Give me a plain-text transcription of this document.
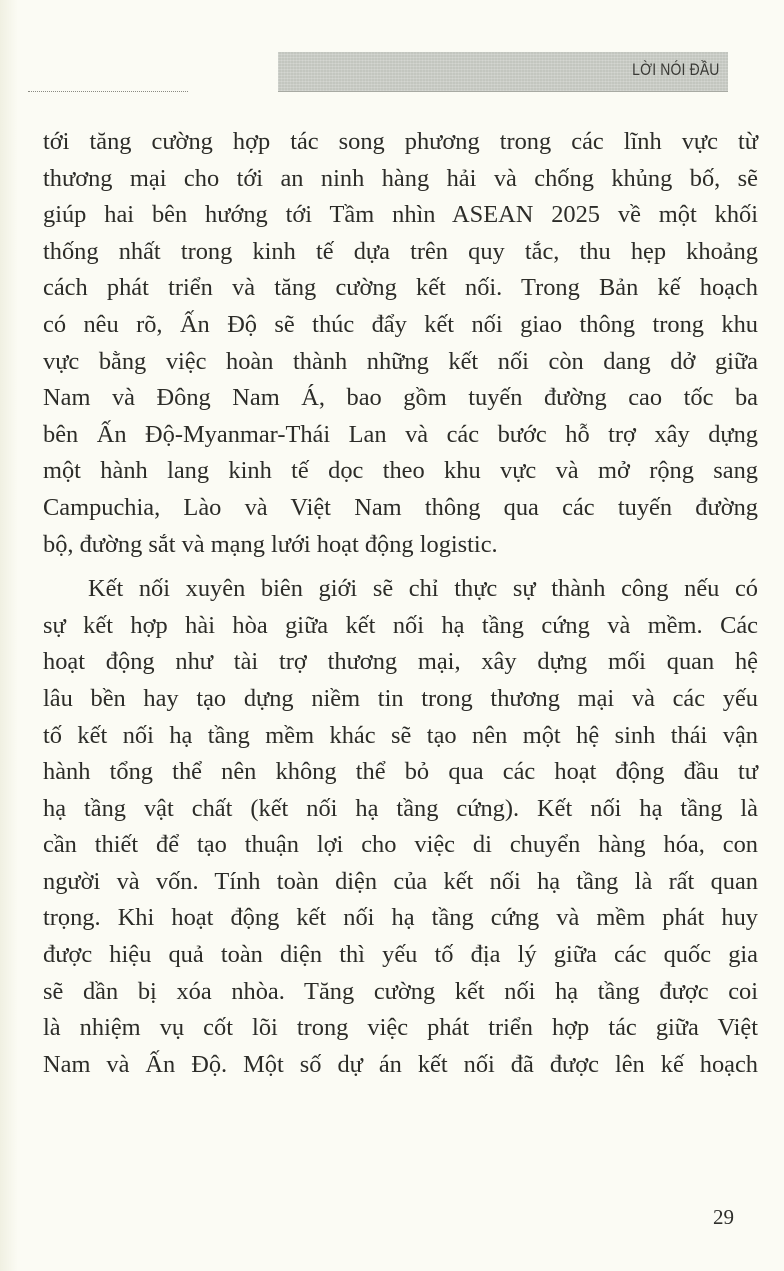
LỜI NÓI ĐẦU
tới tăng cường hợp tác song phương trong các lĩnh vực từ
thương mại cho tới an ninh hàng hải và chống khủng bố, sẽ
giúp hai bên hướng tới Tầm nhìn ASEAN 2025 về một khối
thống nhất trong kinh tế dựa trên quy tắc, thu hẹp khoảng
cách phát triển và tăng cường kết nối. Trong Bản kế hoạch
có nêu rõ, Ấn Độ sẽ thúc đẩy kết nối giao thông trong khu
vực bằng việc hoàn thành những kết nối còn dang dở giữa
Nam và Đông Nam Á, bao gồm tuyến đường cao tốc ba
bên Ấn Độ-Myanmar-Thái Lan và các bước hỗ trợ xây dựng
một hành lang kinh tế dọc theo khu vực và mở rộng sang
Campuchia, Lào và Việt Nam thông qua các tuyến đường
bộ, đường sắt và mạng lưới hoạt động logistic.
Kết nối xuyên biên giới sẽ chỉ thực sự thành công nếu có
sự kết hợp hài hòa giữa kết nối hạ tầng cứng và mềm. Các
hoạt động như tài trợ thương mại, xây dựng mối quan hệ
lâu bền hay tạo dựng niềm tin trong thương mại và các yếu
tố kết nối hạ tầng mềm khác sẽ tạo nên một hệ sinh thái vận
hành tổng thể nên không thể bỏ qua các hoạt động đầu tư
hạ tầng vật chất (kết nối hạ tầng cứng). Kết nối hạ tầng là
cần thiết để tạo thuận lợi cho việc di chuyển hàng hóa, con
người và vốn. Tính toàn diện của kết nối hạ tầng là rất quan
trọng. Khi hoạt động kết nối hạ tầng cứng và mềm phát huy
được hiệu quả toàn diện thì yếu tố địa lý giữa các quốc gia
sẽ dần bị xóa nhòa. Tăng cường kết nối hạ tầng được coi
là nhiệm vụ cốt lõi trong việc phát triển hợp tác giữa Việt
Nam và Ấn Độ. Một số dự án kết nối đã được lên kế hoạch
29
